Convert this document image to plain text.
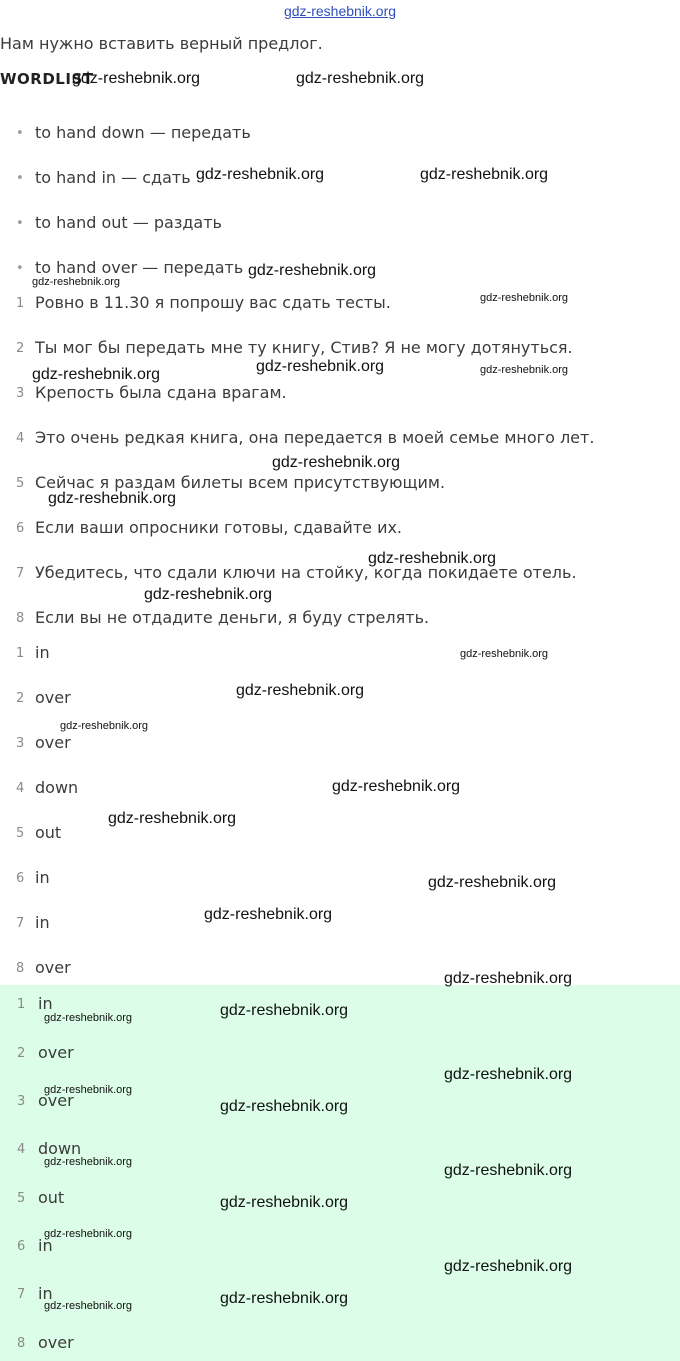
gdz-reshebnik.org
Нам нужно вставить верный предлог.
WORDLIST
• to hand down — передать
• to hand in — сдать
• to hand out — раздать
• to hand over — передать
1 Ровно в 11.30 я попрошу вас сдать тесты.
2 Ты мог бы передать мне ту книгу, Стив? Я не могу дотянуться.
3 Крепость была сдана врагам.
4 Это очень редкая книга, она передается в моей семье много лет.
5 Сейчас я раздам билеты всем присутствующим.
6 Если ваши опросники готовы, сдавайте их.
7 Убедитесь, что сдали ключи на стойку, когда покидаете отель.
8 Если вы не отдадите деньги, я буду стрелять.
1 in
2 over
3 over
4 down
5 out
6 in
7 in
8 over
1 in
2 over
3 over
4 down
5 out
6 in
7 in
8 over
gdz-reshebnik.org	gdz-reshebnik.org
gdz-reshebnik.org	gdz-reshebnik.org
gdz-reshebnik.org
gdz-reshebnik.org
gdz-reshebnik.org
gdz-reshebnik.org
gdz-reshebnik.org	gdz-reshebnik.org
gdz-reshebnik.org
gdz-reshebnik.org
gdz-reshebnik.org
gdz-reshebnik.org
gdz-reshebnik.org
gdz-reshebnik.org
gdz-reshebnik.org
gdz-reshebnik.org
gdz-reshebnik.org
gdz-reshebnik.org
gdz-reshebnik.org
gdz-reshebnik.org
gdz-reshebnik.org
gdz-reshebnik.org
gdz-reshebnik.org
gdz-reshebnik.org
gdz-reshebnik.org
gdz-reshebnik.org	gdz-reshebnik.org
gdz-reshebnik.org
gdz-reshebnik.org
gdz-reshebnik.org
gdz-reshebnik.org
gdz-reshebnik.org
